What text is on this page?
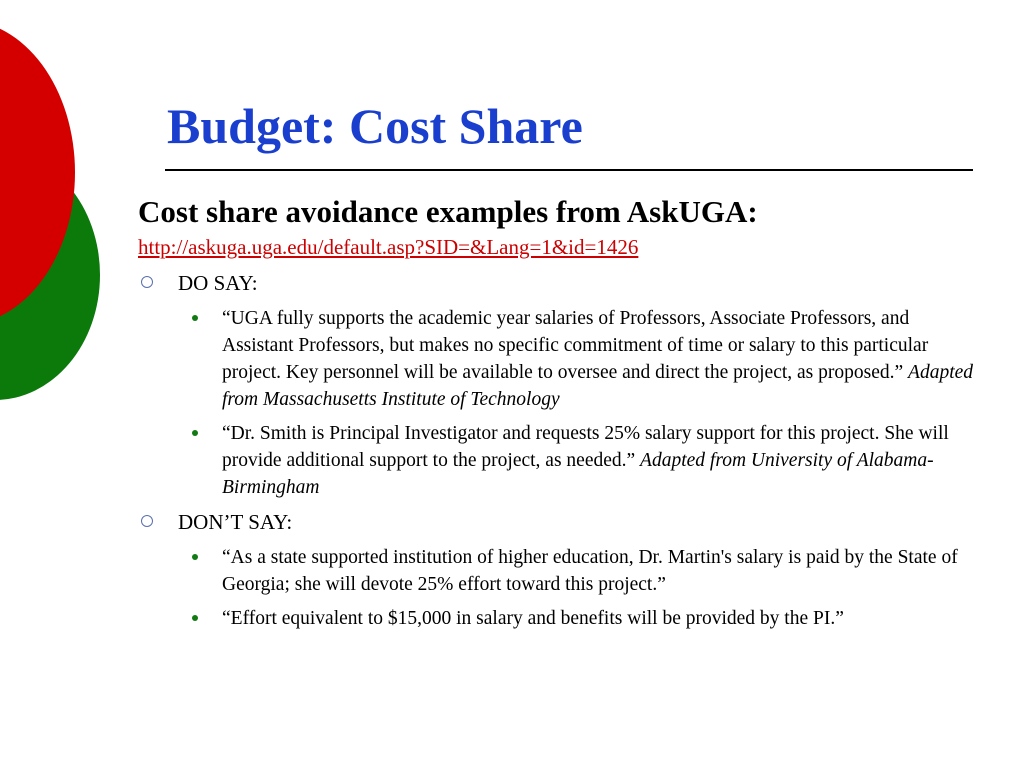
Budget: Cost Share
Cost share avoidance examples from AskUGA:
http://askuga.uga.edu/default.asp?SID=&Lang=1&id=1426
DO SAY:
“UGA fully supports the academic year salaries of Professors, Associate Professors, and Assistant Professors, but makes no specific commitment of time or salary to this particular project. Key personnel will be available to oversee and direct the project, as proposed.” Adapted from Massachusetts Institute of Technology
“Dr. Smith is Principal Investigator and requests 25% salary support for this project. She will provide additional support to the project, as needed.” Adapted from University of Alabama-Birmingham
DON’T SAY:
“As a state supported institution of higher education, Dr. Martin's salary is paid by the State of Georgia; she will devote 25% effort toward this project.”
“Effort equivalent to $15,000 in salary and benefits will be provided by the PI.”
